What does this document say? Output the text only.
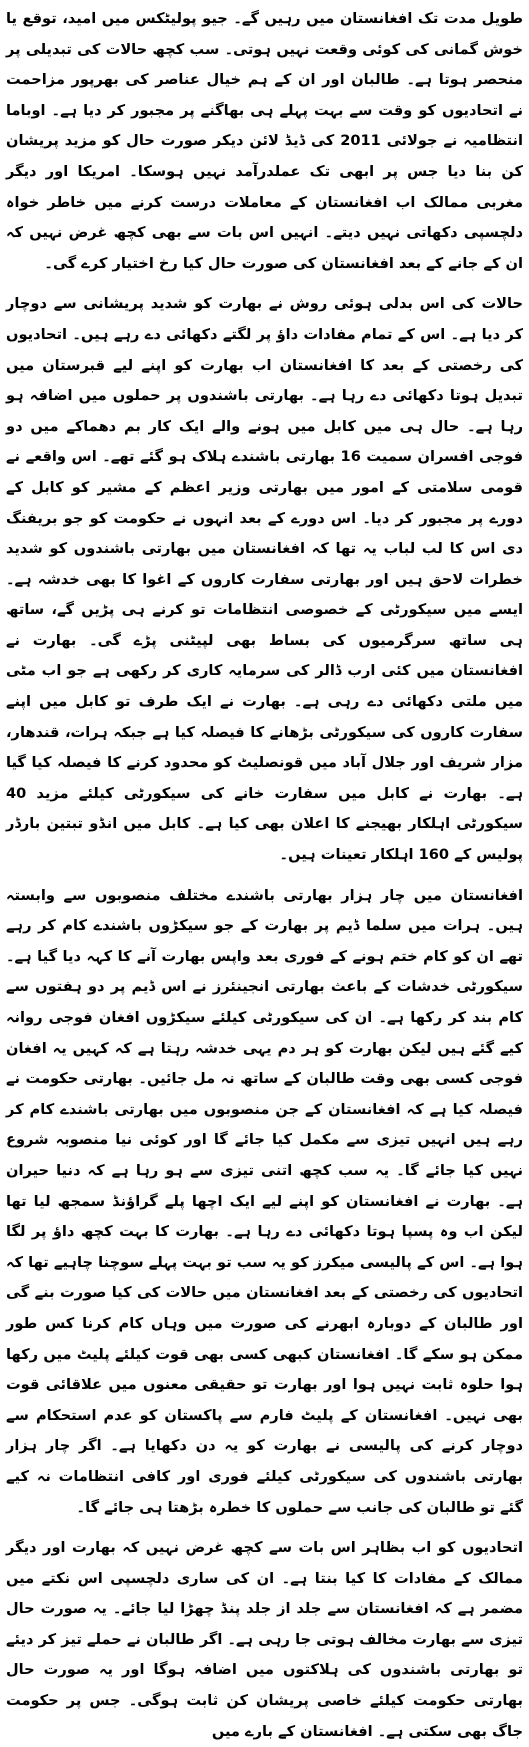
طویل مدت تک افغانستان میں رہیں گے۔ جیو پولیٹکس میں امید، توقع یا خوش گمانی کی کوئی وقعت نہیں ہوتی۔ سب کچھ حالات کی تبدیلی پر منحصر ہوتا ہے۔ طالبان اور ان کے ہم خیال عناصر کی بھرپور مزاحمت نے اتحادیوں کو وقت سے بہت پہلے ہی بھاگنے پر مجبور کر دیا ہے۔ اوباما انتظامیہ نے جولائی 2011 کی ڈیڈ لائن دیکر صورت حال کو مزید پریشان کن بنا دیا جس پر ابھی تک عملدرآمد نہیں ہوسکا۔ امریکا اور دیگر مغربی ممالک اب افغانستان کے معاملات درست کرنے میں خاطر خواہ دلچسپی دکھاتی نہیں دیتے۔ انہیں اس بات سے بھی کچھ غرض نہیں کہ ان کے جانے کے بعد افغانستان کی صورت حال کیا رخ اختیار کرے گی۔

حالات کی اس بدلی ہوئی روش نے بھارت کو شدید پریشانی سے دوچار کر دیا ہے۔ اس کے تمام مفادات داؤ پر لگتے دکھائی دے رہے ہیں۔ اتحادیوں کی رخصتی کے بعد کا افغانستان اب بھارت کو اپنے لیے قبرستان میں تبدیل ہوتا دکھائی دے رہا ہے۔ بھارتی باشندوں پر حملوں میں اضافہ ہو رہا ہے۔ حال ہی میں کابل میں ہونے والے ایک کار بم دھماکے میں دو فوجی افسران سمیت 16 بھارتی باشندے ہلاک ہو گئے تھے۔ اس واقعے نے قومی سلامتی کے امور میں بھارتی وزیر اعظم کے مشیر کو کابل کے دورے پر مجبور کر دیا۔ اس دورے کے بعد انہوں نے حکومت کو جو بریفنگ دی اس کا لب لباب یہ تھا کہ افغانستان میں بھارتی باشندوں کو شدید خطرات لاحق ہیں اور بھارتی سفارت کاروں کے اغوا کا بھی خدشہ ہے۔ ایسے میں سیکورٹی کے خصوصی انتظامات تو کرنے ہی پڑیں گے، ساتھ ہی ساتھ سرگرمیوں کی بساط بھی لپیٹنی پڑے گی۔ بھارت نے افغانستان میں کئی ارب ڈالر کی سرمایہ کاری کر رکھی ہے جو اب مٹی میں ملتی دکھائی دے رہی ہے۔ بھارت نے ایک طرف تو کابل میں اپنے سفارت کاروں کی سیکورٹی بڑھانے کا فیصلہ کیا ہے جبکہ ہرات، قندھار، مزار شریف اور جلال آباد میں قونصلیٹ کو محدود کرنے کا فیصلہ کیا گیا ہے۔ بھارت نے کابل میں سفارت خانے کی سیکورٹی کیلئے مزید 40 سیکورٹی اہلکار بھیجنے کا اعلان بھی کیا ہے۔ کابل میں انڈو تبتین بارڈر پولیس کے 160 اہلکار تعینات ہیں۔

افغانستان میں چار ہزار بھارتی باشندے مختلف منصوبوں سے وابستہ ہیں۔ ہرات میں سلما ڈیم پر بھارت کے جو سیکڑوں باشندے کام کر رہے تھے ان کو کام ختم ہونے کے فوری بعد واپس بھارت آنے کا کہہ دیا گیا ہے۔ سیکورٹی خدشات کے باعث بھارتی انجینئرز نے اس ڈیم پر دو ہفتوں سے کام بند کر رکھا ہے۔ ان کی سیکورٹی کیلئے سیکڑوں افغان فوجی روانہ کیے گئے ہیں لیکن بھارت کو ہر دم یہی خدشہ رہتا ہے کہ کہیں یہ افغان فوجی کسی بھی وقت طالبان کے ساتھ نہ مل جائیں۔ بھارتی حکومت نے فیصلہ کیا ہے کہ افغانستان کے جن منصوبوں میں بھارتی باشندے کام کر رہے ہیں انہیں تیزی سے مکمل کیا جائے گا اور کوئی نیا منصوبہ شروع نہیں کیا جائے گا۔ یہ سب کچھ اتنی تیزی سے ہو رہا ہے کہ دنیا حیران ہے۔ بھارت نے افغانستان کو اپنے لیے ایک اچھا پلے گراؤنڈ سمجھ لیا تھا لیکن اب وہ پسپا ہوتا دکھائی دے رہا ہے۔ بھارت کا بہت کچھ داؤ پر لگا ہوا ہے۔ اس کے پالیسی میکرز کو یہ سب تو بہت پہلے سوچنا چاہیے تھا کہ اتحادیوں کی رخصتی کے بعد افغانستان میں حالات کی کیا صورت بنے گی اور طالبان کے دوبارہ ابھرنے کی صورت میں وہاں کام کرنا کس طور ممکن ہو سکے گا۔ افغانستان کبھی کسی بھی قوت کیلئے پلیٹ میں رکھا ہوا حلوہ ثابت نہیں ہوا اور بھارت تو حقیقی معنوں میں علاقائی قوت بھی نہیں۔ افغانستان کے پلیٹ فارم سے پاکستان کو عدم استحکام سے دوچار کرنے کی پالیسی نے بھارت کو یہ دن دکھایا ہے۔ اگر چار ہزار بھارتی باشندوں کی سیکورٹی کیلئے فوری اور کافی انتظامات نہ کیے گئے تو طالبان کی جانب سے حملوں کا خطرہ بڑھتا ہی جائے گا۔

اتحادیوں کو اب بظاہر اس بات سے کچھ غرض نہیں کہ بھارت اور دیگر ممالک کے مفادات کا کیا بنتا ہے۔ ان کی ساری دلچسپی اس نکتے میں مضمر ہے کہ افغانستان سے جلد از جلد پنڈ چھڑا لیا جائے۔ یہ صورت حال تیزی سے بھارت مخالف ہوتی جا رہی ہے۔ اگر طالبان نے حملے تیز کر دیئے تو بھارتی باشندوں کی ہلاکتوں میں اضافہ ہوگا اور یہ صورت حال بھارتی حکومت کیلئے خاصی پریشان کن ثابت ہوگی۔ جس پر حکومت جاگ بھی سکتی ہے۔ افغانستان کے بارے میں
